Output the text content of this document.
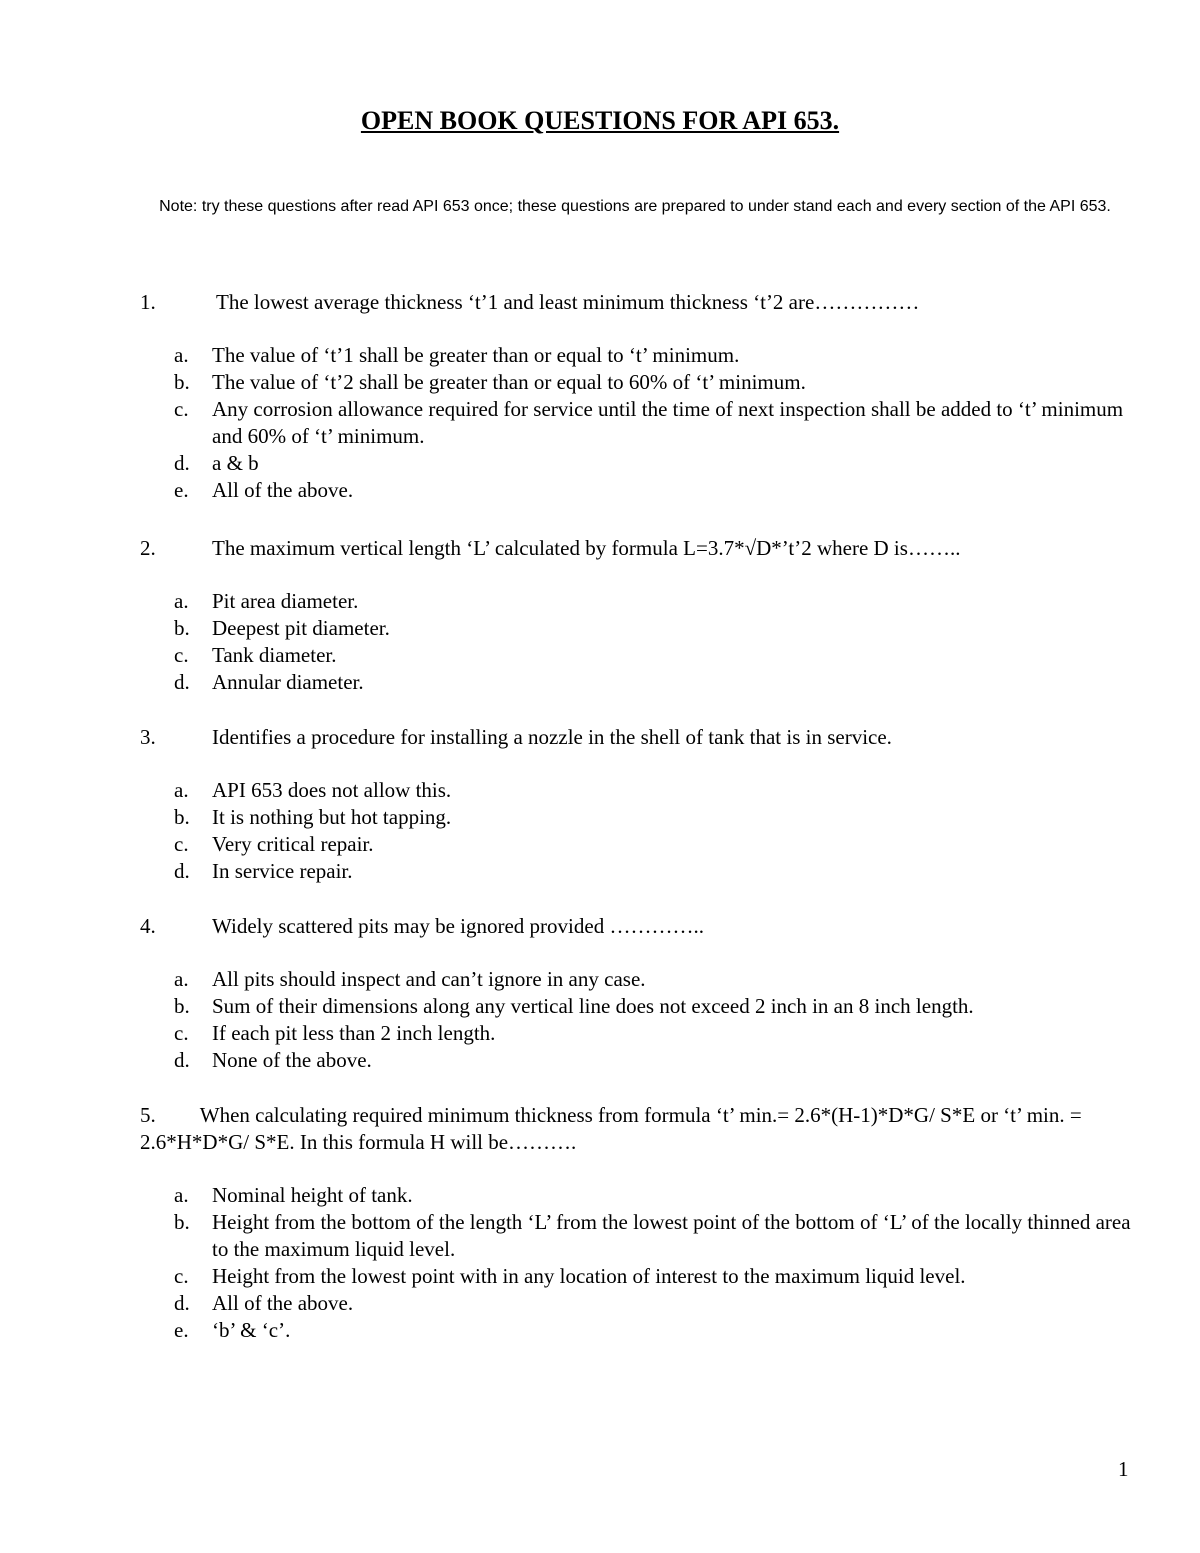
OPEN BOOK QUESTIONS FOR API 653.
Note: try these questions after read API 653 once; these questions are prepared to under stand each and every section of the API 653.
1.	The lowest average thickness ‘t’1 and least minimum thickness ‘t’2 are……………
a. The value of ‘t’1 shall be greater than or equal to ‘t’ minimum.
b. The value of ‘t’2 shall be greater than or equal to 60% of ‘t’ minimum.
c. Any corrosion allowance required for service until the time of next inspection shall be added to ‘t’ minimum and 60% of ‘t’ minimum.
d. a & b
e. All of the above.
2.	The maximum vertical length ‘L’ calculated by formula L=3.7*√D*’t’2 where D is……..
a. Pit area diameter.
b. Deepest pit diameter.
c. Tank diameter.
d. Annular diameter.
3.	Identifies a procedure for installing a nozzle in the shell of tank that is in service.
a. API 653 does not allow this.
b. It is nothing but hot tapping.
c. Very critical repair.
d. In service repair.
4.	Widely scattered pits may be ignored provided …………..
a. All pits should inspect and can’t ignore in any case.
b. Sum of their dimensions along any vertical line does not exceed 2 inch in an 8 inch length.
c. If each pit less than 2 inch length.
d. None of the above.
5. When calculating required minimum thickness from formula ‘t’ min.= 2.6*(H-1)*D*G/ S*E or ‘t’ min. = 2.6*H*D*G/ S*E. In this formula H will be……….
a. Nominal height of tank.
b. Height from the bottom of the length ‘L’ from the lowest point of the bottom of ‘L’ of the locally thinned area to the maximum liquid level.
c. Height from the lowest point with in any location of interest to the maximum liquid level.
d. All of the above.
e. ‘b’ & ‘c’.
1
